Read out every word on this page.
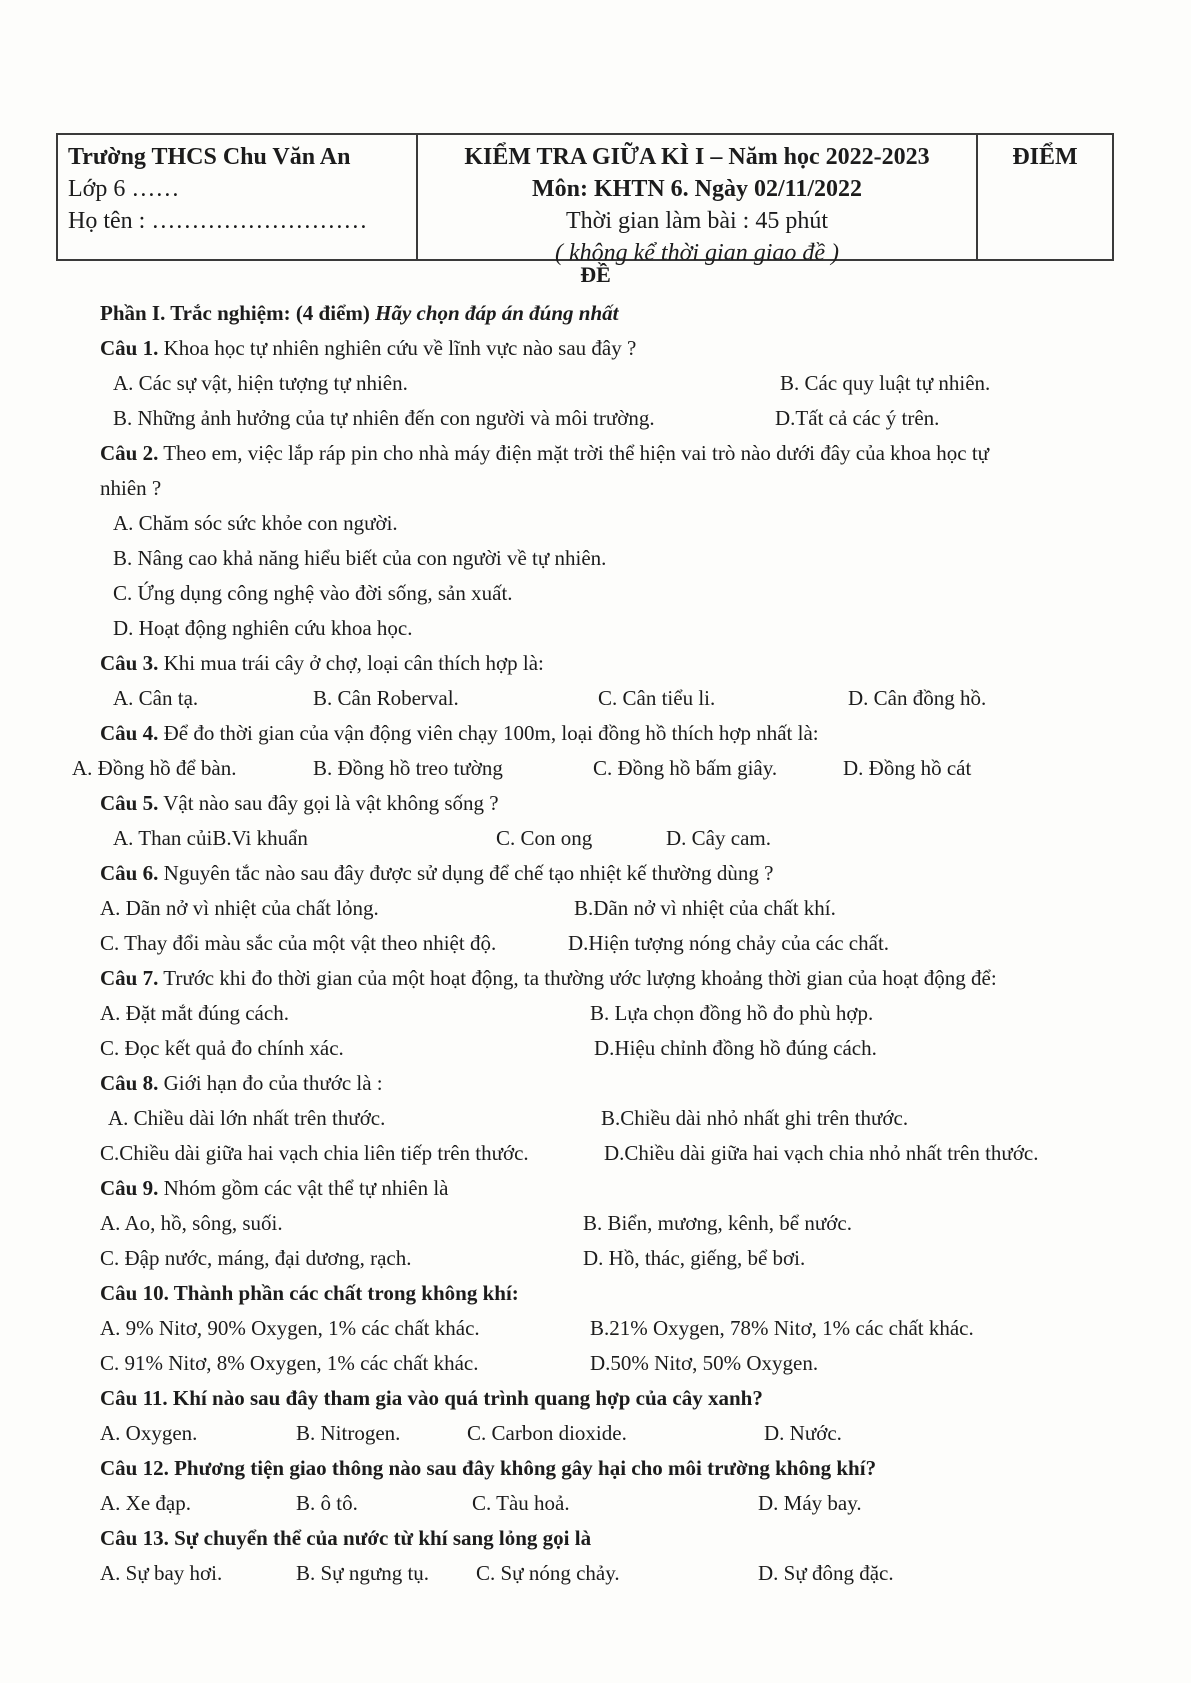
Trường THCS Chu Văn An
Lớp 6 ……
Họ tên : ………………………
KIỂM TRA GIỮA KÌ I – Năm học 2022-2023
Môn: KHTN 6. Ngày 02/11/2022
Thời gian làm bài : 45 phút
( không kể thời gian giao đề )
ĐIỂM
ĐỀ
Phần I. Trắc nghiệm: (4 điểm) Hãy chọn đáp án đúng nhất
Câu 1. Khoa học tự nhiên nghiên cứu về lĩnh vực nào sau đây ?
A. Các sự vật, hiện tượng tự nhiên.	B. Các quy luật tự nhiên.
B. Những ảnh hưởng của tự nhiên đến con người và môi trường.	D.Tất cả các ý trên.
Câu 2. Theo em, việc lắp ráp pin cho nhà máy điện mặt trời thể hiện vai trò nào dưới đây của khoa học tự
nhiên ?
A. Chăm sóc sức khỏe con người.
B. Nâng cao khả năng hiểu biết của con người về tự nhiên.
C. Ứng dụng công nghệ vào đời sống, sản xuất.
D. Hoạt động nghiên cứu khoa học.
Câu 3. Khi mua trái cây ở chợ, loại cân thích hợp là:
A. Cân tạ.	B. Cân Roberval.	C. Cân tiểu li.	D. Cân đồng hồ.
Câu 4. Để đo thời gian của vận động viên chạy 100m, loại đồng hồ thích hợp nhất là:
A. Đồng hồ để bàn.	B. Đồng hồ treo tường	C. Đồng hồ bấm giây.	D. Đồng hồ cát
Câu 5. Vật nào sau đây gọi là vật không sống ?
A. Than củiB.Vi khuẩn	C. Con ong	D. Cây cam.
Câu 6. Nguyên tắc nào sau đây được sử dụng để chế tạo nhiệt kế thường dùng ?
A. Dãn nở vì nhiệt của chất lỏng.	B.Dãn nở vì nhiệt của chất khí.
C. Thay đổi màu sắc của một vật theo nhiệt độ.	D.Hiện tượng nóng chảy của các chất.
Câu 7. Trước khi đo thời gian của một hoạt động, ta thường ước lượng khoảng thời gian của hoạt động để:
A. Đặt mắt đúng cách.	B. Lựa chọn đồng hồ đo phù hợp.
C. Đọc kết quả đo chính xác.	D.Hiệu chỉnh đồng hồ đúng cách.
Câu 8. Giới hạn đo của thước là :
A. Chiều dài lớn nhất trên thước.	B.Chiều dài nhỏ nhất ghi trên thước.
C.Chiều dài giữa hai vạch chia liên tiếp trên thước.	D.Chiều dài giữa hai vạch chia nhỏ nhất trên thước.
Câu 9. Nhóm gồm các vật thể tự nhiên là
A. Ao, hồ, sông, suối.	B. Biển, mương, kênh, bể nước.
C. Đập nước, máng, đại dương, rạch.	D. Hồ, thác, giếng, bể bơi.
Câu 10. Thành phần các chất trong không khí:
A. 9% Nitơ, 90% Oxygen, 1% các chất khác.	B.21% Oxygen, 78% Nitơ, 1% các chất khác.
C. 91% Nitơ, 8% Oxygen, 1% các chất khác.	D.50% Nitơ, 50% Oxygen.
Câu 11. Khí nào sau đây tham gia vào quá trình quang hợp của cây xanh?
A. Oxygen.	B. Nitrogen.	C. Carbon dioxide.	D. Nước.
Câu 12. Phương tiện giao thông nào sau đây không gây hại cho môi trường không khí?
A. Xe đạp.	B. ô tô.	C. Tàu hoả.	D. Máy bay.
Câu 13. Sự chuyển thể của nước từ khí sang lỏng gọi là
A. Sự bay hơi.	B. Sự ngưng tụ. C. Sự nóng chảy.	D. Sự đông đặc.
